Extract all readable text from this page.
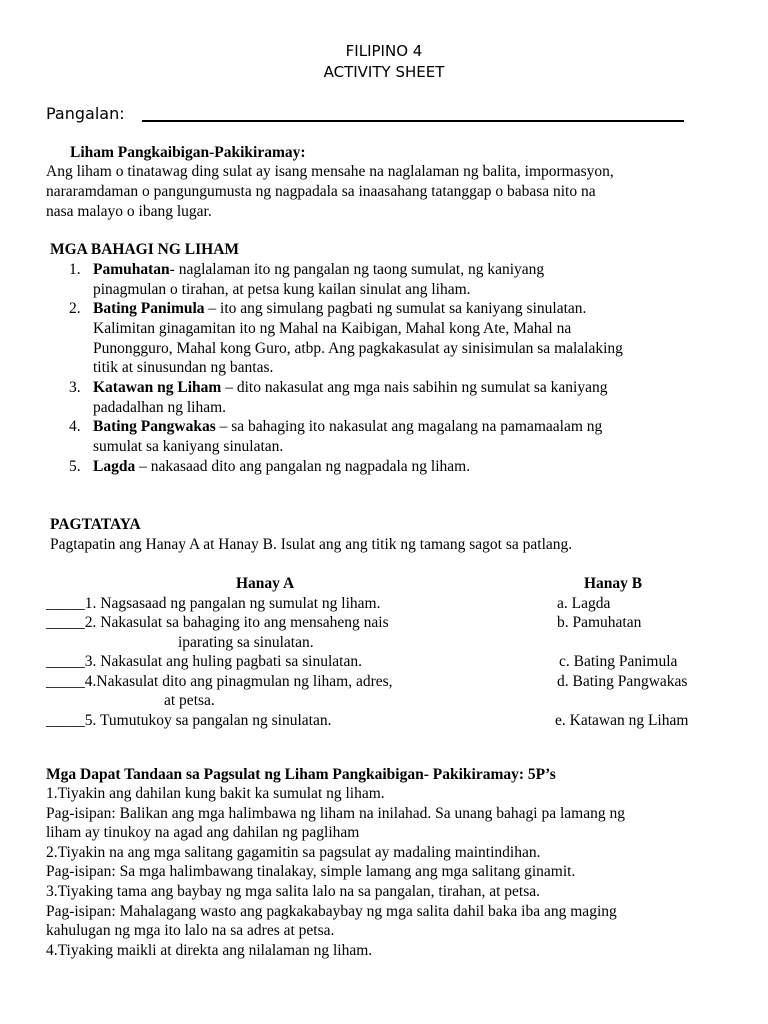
FILIPINO 4
ACTIVITY SHEET
Pangalan:
Liham Pangkaibigan-Pakikiramay:
Ang liham o tinatawag ding sulat ay isang mensahe na naglalaman ng balita, impormasyon,
nararamdaman o pangungumusta ng nagpadala sa inaasahang tatanggap o babasa nito na
nasa malayo o ibang lugar.
MGA BAHAGI NG LIHAM
1. Pamuhatan- naglalaman ito ng pangalan ng taong sumulat, ng kaniyang
pinagmulan o tirahan, at petsa kung kailan sinulat ang liham.
2. Bating Panimula – ito ang simulang pagbati ng sumulat sa kaniyang sinulatan.
Kalimitan ginagamitan ito ng Mahal na Kaibigan, Mahal kong Ate, Mahal na
Punongguro, Mahal kong Guro, atbp. Ang pagkakasulat ay sinisimulan sa malalaking
titik at sinusundan ng bantas.
3. Katawan ng Liham – dito nakasulat ang mga nais sabihin ng sumulat sa kaniyang
padadalhan ng liham.
4. Bating Pangwakas – sa bahaging ito nakasulat ang magalang na pamamaalam ng
sumulat sa kaniyang sinulatan.
5. Lagda – nakasaad dito ang pangalan ng nagpadala ng liham.
PAGTATAYA
Pagtapatin ang Hanay A at Hanay B. Isulat ang ang titik ng tamang sagot sa patlang.
Hanay A	Hanay B
_____1. Nagsasaad ng pangalan ng sumulat ng liham.	a. Lagda
_____2. Nakasulat sa bahaging ito ang mensaheng nais	b. Pamuhatan
iparating sa sinulatan.
_____3. Nakasulat ang huling pagbati sa sinulatan.	c. Bating Panimula
_____4.Nakasulat dito ang pinagmulan ng liham, adres,	d. Bating Pangwakas
at petsa.
_____5. Tumutukoy sa pangalan ng sinulatan.	e. Katawan ng Liham
Mga Dapat Tandaan sa Pagsulat ng Liham Pangkaibigan- Pakikiramay: 5P’s
1.Tiyakin ang dahilan kung bakit ka sumulat ng liham.
Pag-isipan: Balikan ang mga halimbawa ng liham na inilahad. Sa unang bahagi pa lamang ng
liham ay tinukoy na agad ang dahilan ng pagliham
2.Tiyakin na ang mga salitang gagamitin sa pagsulat ay madaling maintindihan.
Pag-isipan: Sa mga halimbawang tinalakay, simple lamang ang mga salitang ginamit.
3.Tiyaking tama ang baybay ng mga salita lalo na sa pangalan, tirahan, at petsa.
Pag-isipan: Mahalagang wasto ang pagkakabaybay ng mga salita dahil baka iba ang maging
kahulugan ng mga ito lalo na sa adres at petsa.
4.Tiyaking maikli at direkta ang nilalaman ng liham.
